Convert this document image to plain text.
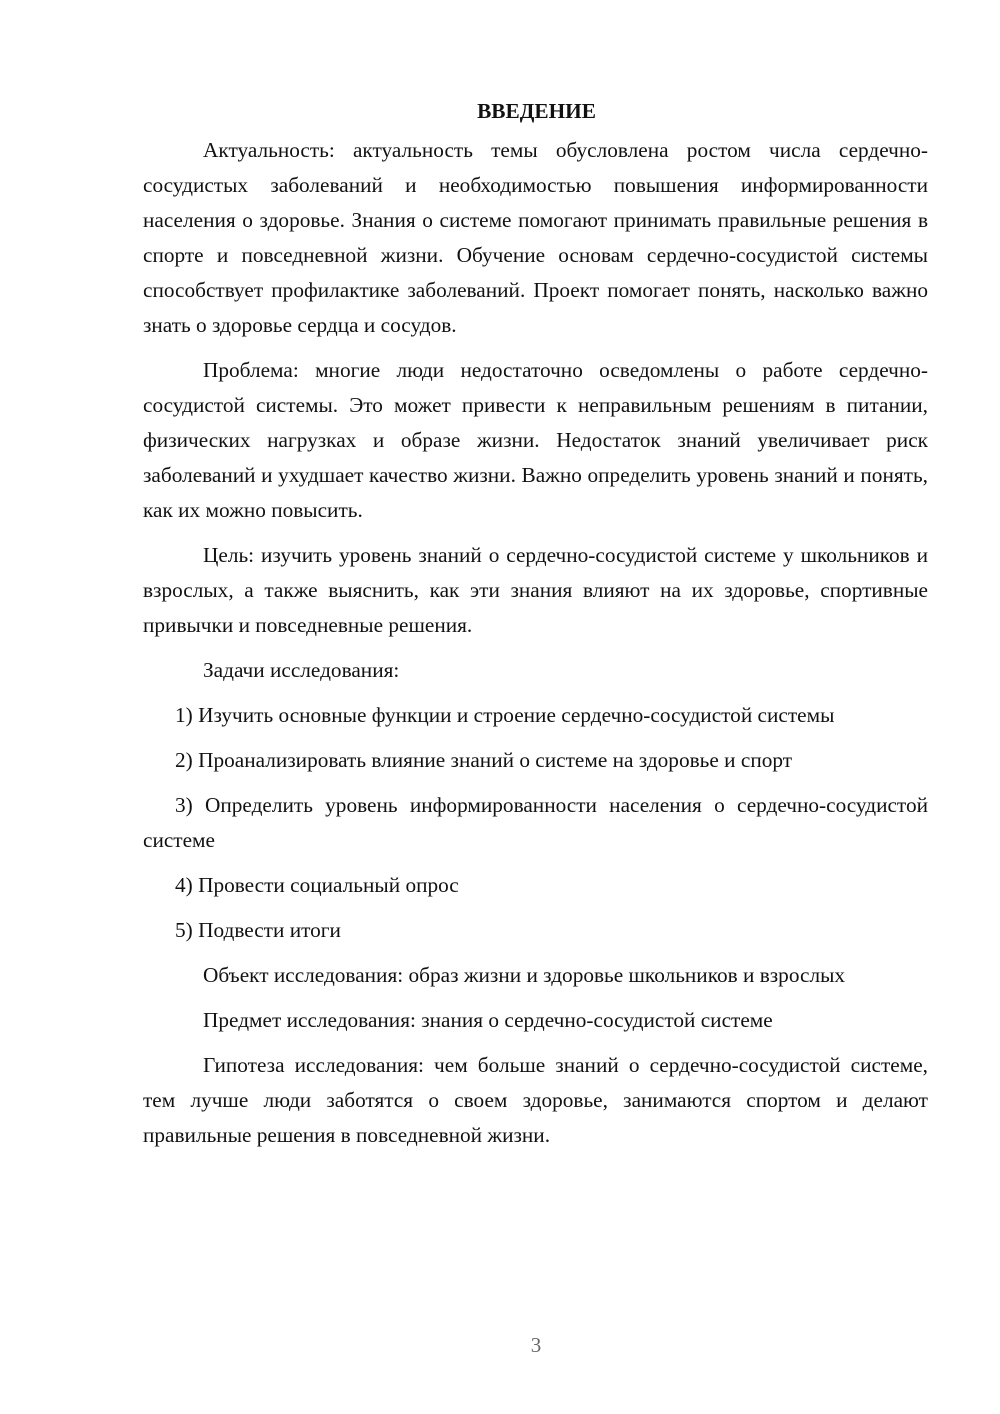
ВВЕДЕНИЕ

Актуальность: актуальность темы обусловлена ростом числа сердечно-сосудистых заболеваний и необходимостью повышения информированности населения о здоровье. Знания о системе помогают принимать правильные решения в спорте и повседневной жизни. Обучение основам сердечно-сосудистой системы способствует профилактике заболеваний. Проект помогает понять, насколько важно знать о здоровье сердца и сосудов.

Проблема: многие люди недостаточно осведомлены о работе сердечно-сосудистой системы. Это может привести к неправильным решениям в питании, физических нагрузках и образе жизни. Недостаток знаний увеличивает риск заболеваний и ухудшает качество жизни. Важно определить уровень знаний и понять, как их можно повысить.

Цель: изучить уровень знаний о сердечно-сосудистой системе у школьников и взрослых, а также выяснить, как эти знания влияют на их здоровье, спортивные привычки и повседневные решения.

Задачи исследования:

1) Изучить основные функции и строение сердечно-сосудистой системы

2) Проанализировать влияние знаний о системе на здоровье и спорт

3) Определить уровень информированности населения о сердечно-сосудистой системе

4) Провести социальный опрос

5) Подвести итоги

Объект исследования: образ жизни и здоровье школьников и взрослых

Предмет исследования: знания о сердечно-сосудистой системе

Гипотеза исследования: чем больше знаний о сердечно-сосудистой системе, тем лучше люди заботятся о своем здоровье, занимаются спортом и делают правильные решения в повседневной жизни.

3
